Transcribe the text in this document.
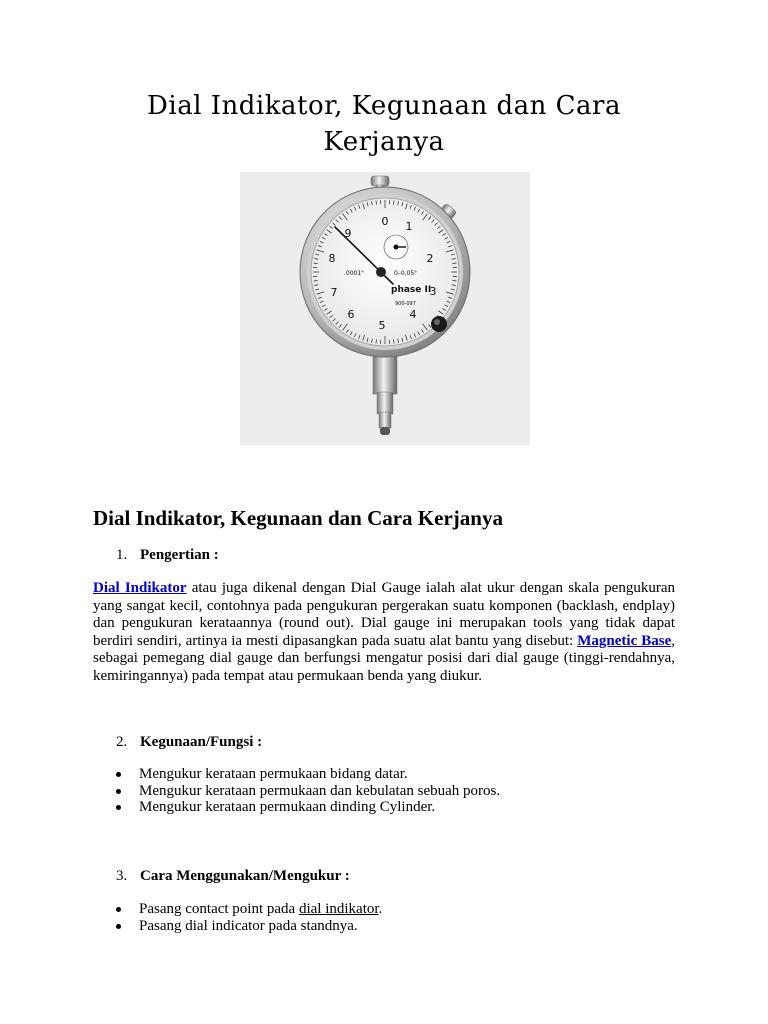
Dial Indikator, Kegunaan dan Cara Kerjanya
0 1
2
3
4
5
6
7
8
9
.0001"	0–0,05"
phase II
900-097
Dial Indikator, Kegunaan dan Cara Kerjanya
1. Pengertian :

Dial Indikator atau juga dikenal dengan Dial Gauge ialah alat ukur dengan skala pengukuran yang sangat kecil, contohnya pada pengukuran pergerakan suatu komponen (backlash, endplay) dan pengukuran kerataannya (round out). Dial gauge ini merupakan tools yang tidak dapat berdiri sendiri, artinya ia mesti dipasangkan pada suatu alat bantu yang disebut: Magnetic Base, sebagai pemegang dial gauge dan berfungsi mengatur posisi dari dial gauge (tinggi-rendahnya, kemiringannya) pada tempat atau permukaan benda yang diukur.

2. Kegunaan/Fungsi :
Mengukur kerataan permukaan bidang datar.
Mengukur kerataan permukaan dan kebulatan sebuah poros.
Mengukur kerataan permukaan dinding Cylinder.
3. Cara Menggunakan/Mengukur :
Pasang contact point pada dial indikator.
Pasang dial indicator pada standnya.
